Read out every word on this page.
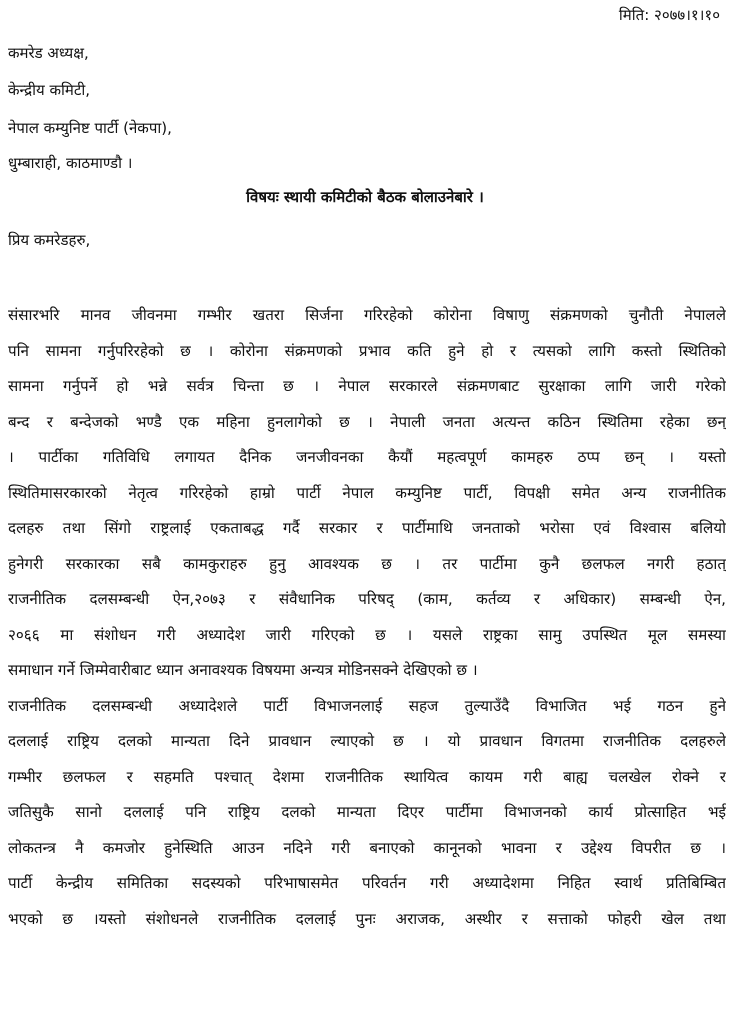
मिति: २०७७।१।१०
कमरेड अध्यक्ष,
केन्द्रीय कमिटी,
नेपाल कम्युनिष्ट पार्टी (नेकपा),
धुम्बाराही, काठमाण्डौ ।
विषयः स्थायी कमिटीको बैठक बोलाउनेबारे ।
प्रिय कमरेडहरु,
संसारभरि मानव जीवनमा गम्भीर खतरा सिर्जना गरिरहेको कोरोना विषाणु संक्रमणको चुनौती नेपालले
पनि सामना गर्नुपरिरहेको छ । कोरोना संक्रमणको प्रभाव कति हुने हो र त्यसको लागि कस्तो स्थितिको
सामना गर्नुपर्ने हो भन्ने सर्वत्र चिन्ता छ । नेपाल सरकारले संक्रमणबाट सुरक्षाका लागि जारी गरेको
बन्द र बन्देजको भण्डै एक महिना हुनलागेको छ । नेपाली जनता अत्यन्त कठिन स्थितिमा रहेका छन्
। पार्टीका गतिविधि लगायत दैनिक जनजीवनका कैयौं महत्वपूर्ण कामहरु ठप्प छन् । यस्तो
स्थितिमासरकारको नेतृत्व गरिरहेको हाम्रो पार्टी नेपाल कम्युनिष्ट पार्टी, विपक्षी समेत अन्य राजनीतिक
दलहरु तथा सिंगो राष्ट्रलाई एकताबद्ध गर्दै सरकार र पार्टीमाथि जनताको भरोसा एवं विश्वास बलियो
हुनेगरी सरकारका सबै कामकुराहरु हुनु आवश्यक छ । तर पार्टीमा कुनै छलफल नगरी हठात्
राजनीतिक दलसम्बन्धी ऐन,२०७३ र संवैधानिक परिषद् (काम, कर्तव्य र अधिकार) सम्बन्धी ऐन,
२०६६ मा संशोधन गरी अध्यादेश जारी गरिएको छ । यसले राष्ट्रका सामु उपस्थित मूल समस्या
समाधान गर्ने जिम्मेवारीबाट ध्यान अनावश्यक विषयमा अन्यत्र मोडिनसक्ने देखिएको छ ।
राजनीतिक दलसम्बन्धी अध्यादेशले पार्टी विभाजनलाई सहज तुल्याउँदै विभाजित भई गठन हुने
दललाई राष्ट्रिय दलको मान्यता दिने प्रावधान ल्याएको छ । यो प्रावधान विगतमा राजनीतिक दलहरुले
गम्भीर छलफल र सहमति पश्चात् देशमा राजनीतिक स्थायित्व कायम गरी बाह्य चलखेल रोक्ने र
जतिसुकै सानो दललाई पनि राष्ट्रिय दलको मान्यता दिएर पार्टीमा विभाजनको कार्य प्रोत्साहित भई
लोकतन्त्र नै कमजोर हुनेस्थिति आउन नदिने गरी बनाएको कानूनको भावना र उद्देश्य विपरीत छ ।
पार्टी केन्द्रीय समितिका सदस्यको परिभाषासमेत परिवर्तन गरी अध्यादेशमा निहित स्वार्थ प्रतिबिम्बित
भएको छ ।यस्तो संशोधनले राजनीतिक दललाई पुनः अराजक, अस्थीर र सत्ताको फोहरी खेल तथा
